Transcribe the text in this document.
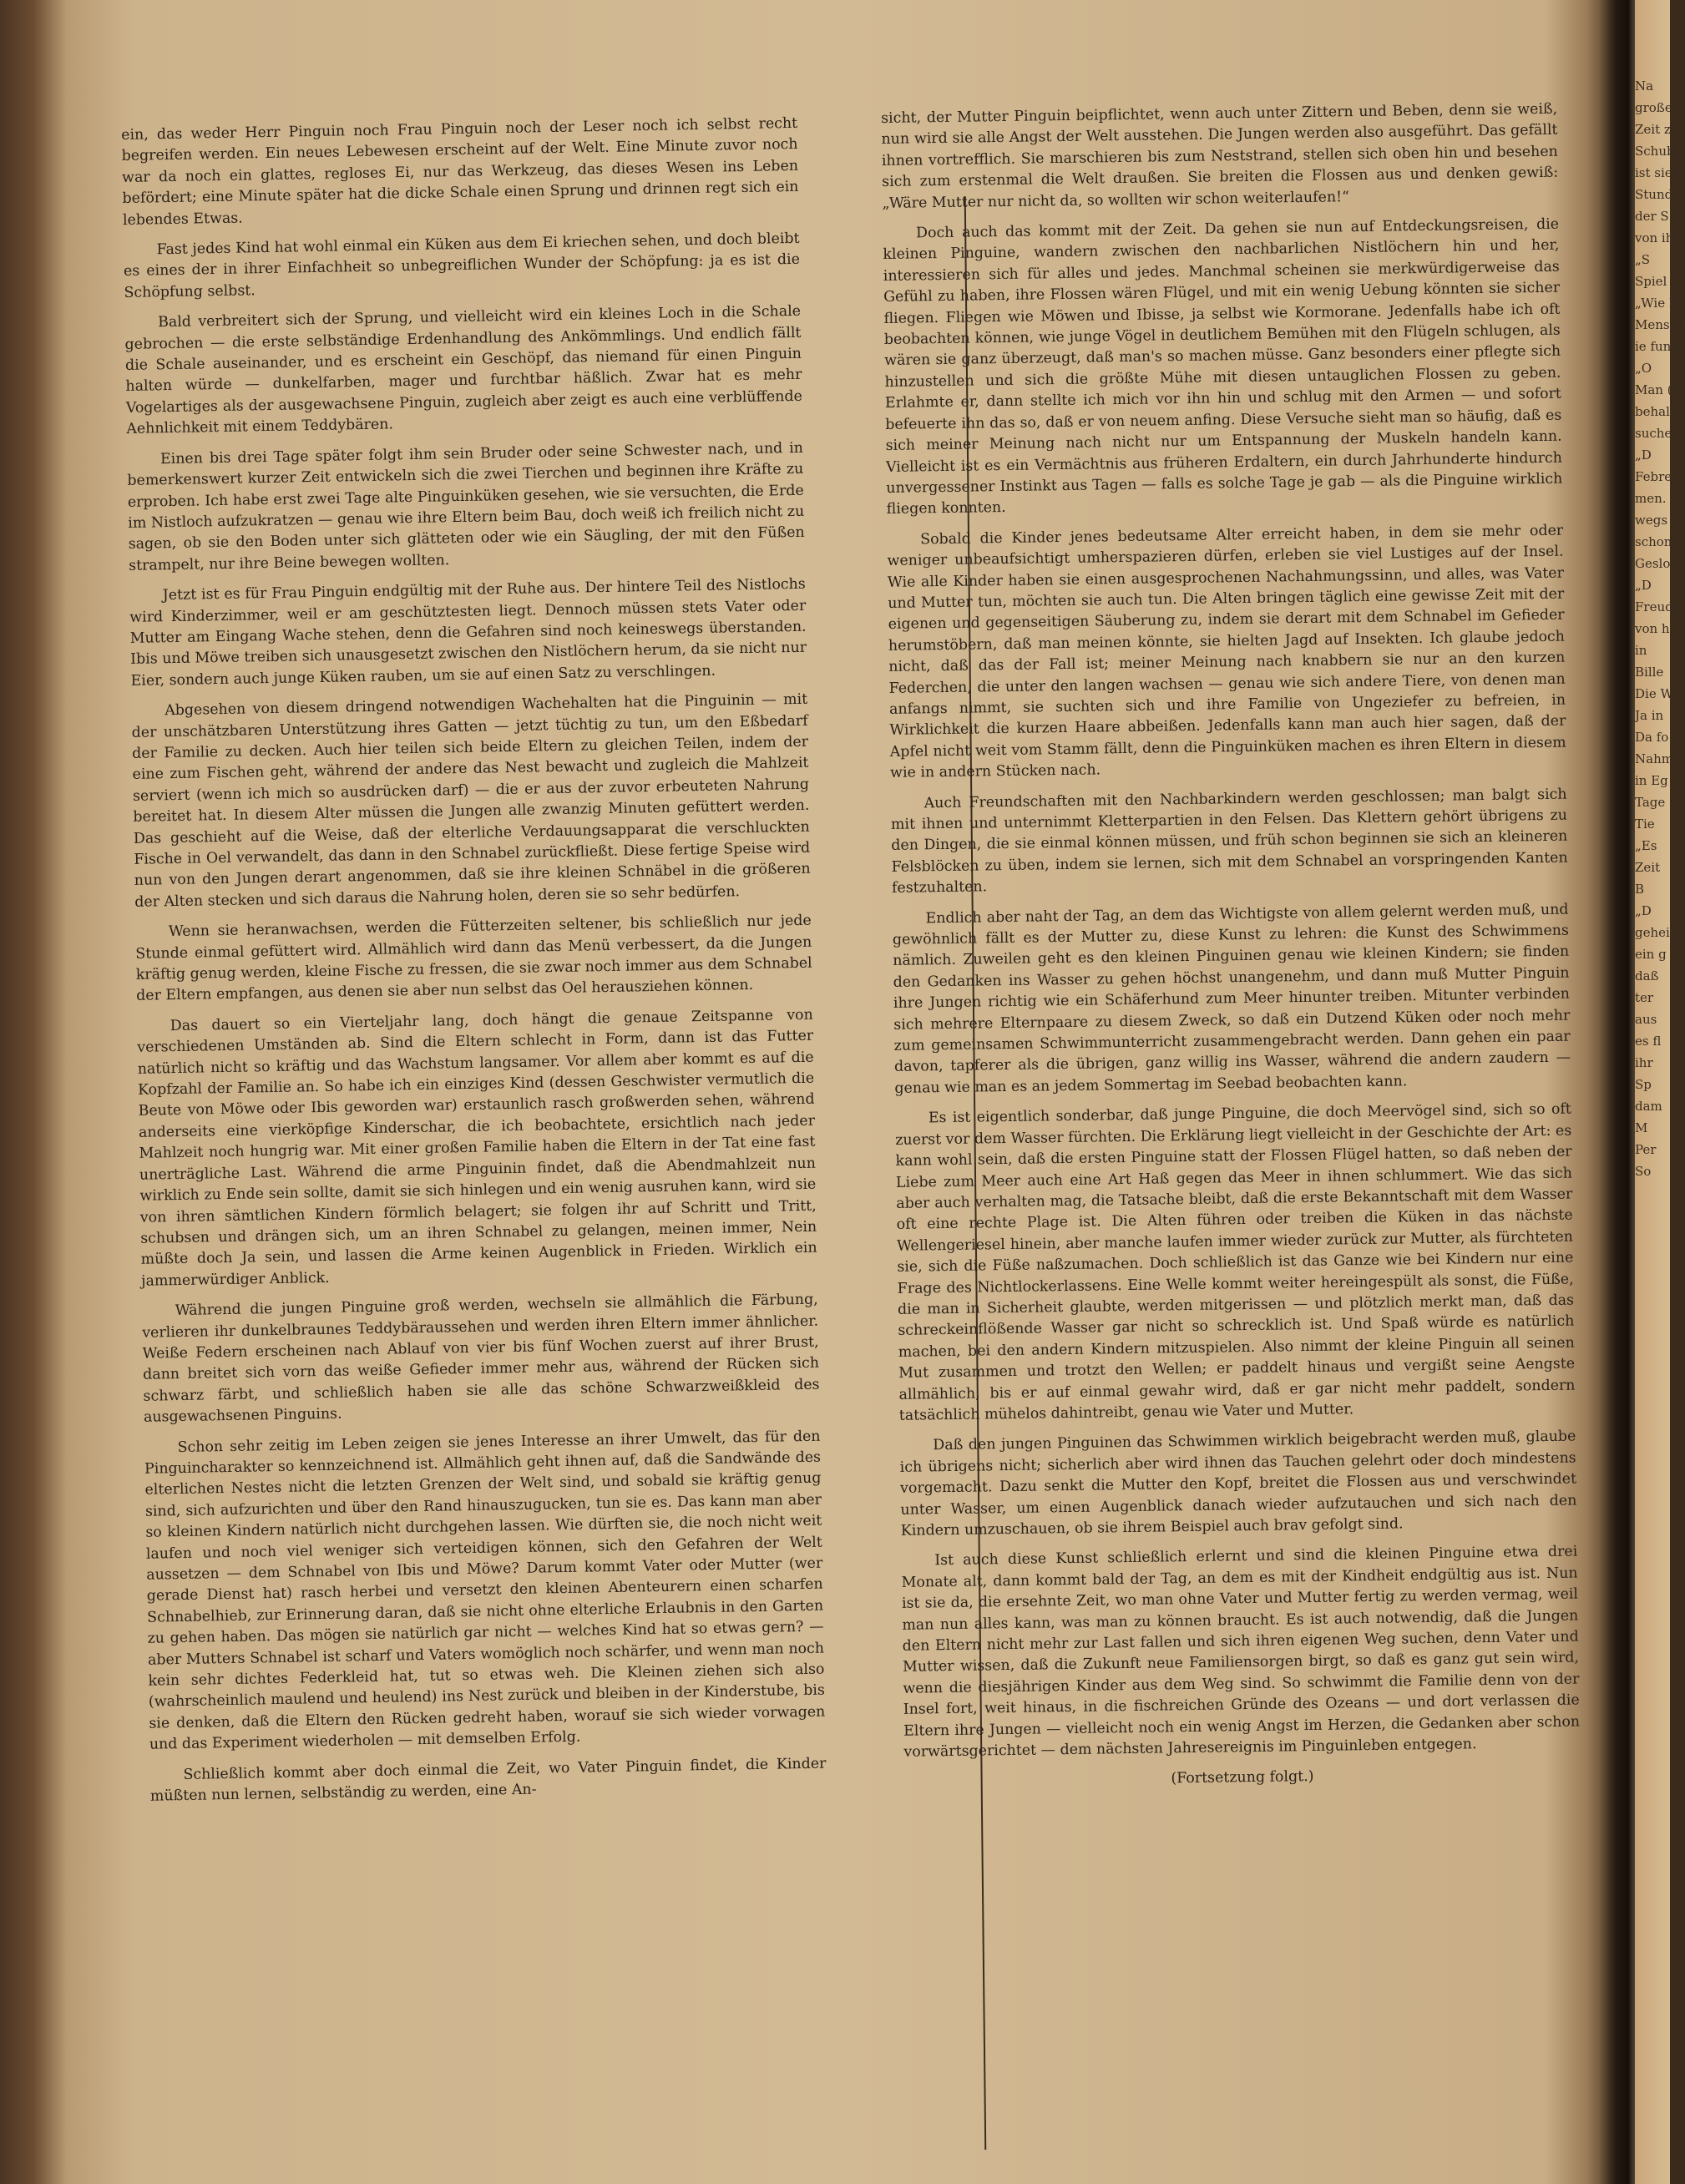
ein, das weder Herr Pinguin noch Frau Pinguin noch der Leser noch ich selbst recht begreifen werden. Ein neues Lebewesen erscheint auf der Welt. Eine Minute zuvor noch war da noch ein glattes, regloses Ei, nur das Werkzeug, das dieses Wesen ins Leben befördert; eine Minute später hat die dicke Schale einen Sprung und drinnen regt sich ein lebendes Etwas.

Fast jedes Kind hat wohl einmal ein Küken aus dem Ei kriechen sehen, und doch bleibt es eines der in ihrer Einfachheit so unbegreiflichen Wunder der Schöpfung: ja es ist die Schöpfung selbst.

Bald verbreitert sich der Sprung, und vielleicht wird ein kleines Loch in die Schale gebrochen — die erste selbständige Erdenhandlung des Ankömmlings. Und endlich fällt die Schale auseinander, und es erscheint ein Geschöpf, das niemand für einen Pinguin halten würde — dunkelfarben, mager und furchtbar häßlich. Zwar hat es mehr Vogelartiges als der ausgewachsene Pinguin, zugleich aber zeigt es auch eine verblüffende Aehnlichkeit mit einem Teddybären.

Einen bis drei Tage später folgt ihm sein Bruder oder seine Schwester nach, und in bemerkenswert kurzer Zeit entwickeln sich die zwei Tierchen und beginnen ihre Kräfte zu erproben. Ich habe erst zwei Tage alte Pinguinküken gesehen, wie sie versuchten, die Erde im Nistloch aufzukratzen — genau wie ihre Eltern beim Bau, doch weiß ich freilich nicht zu sagen, ob sie den Boden unter sich glätteten oder wie ein Säugling, der mit den Füßen strampelt, nur ihre Beine bewegen wollten.

Jetzt ist es für Frau Pinguin endgültig mit der Ruhe aus. Der hintere Teil des Nistlochs wird Kinderzimmer, weil er am geschütztesten liegt. Dennoch müssen stets Vater oder Mutter am Eingang Wache stehen, denn die Gefahren sind noch keineswegs überstanden. Ibis und Möwe treiben sich unausgesetzt zwischen den Nistlöchern herum, da sie nicht nur Eier, sondern auch junge Küken rauben, um sie auf einen Satz zu verschlingen.

Abgesehen von diesem dringend notwendigen Wachehalten hat die Pinguinin — mit der unschätzbaren Unterstützung ihres Gatten — jetzt tüchtig zu tun, um den Eßbedarf der Familie zu decken. Auch hier teilen sich beide Eltern zu gleichen Teilen, indem der eine zum Fischen geht, während der andere das Nest bewacht und zugleich die Mahlzeit serviert (wenn ich mich so ausdrücken darf) — die er aus der zuvor erbeuteten Nahrung bereitet hat. In diesem Alter müssen die Jungen alle zwanzig Minuten gefüttert werden. Das geschieht auf die Weise, daß der elterliche Verdauungsapparat die verschluckten Fische in Oel verwandelt, das dann in den Schnabel zurückfließt. Diese fertige Speise wird nun von den Jungen derart angenommen, daß sie ihre kleinen Schnäbel in die größeren der Alten stecken und sich daraus die Nahrung holen, deren sie so sehr bedürfen.

Wenn sie heranwachsen, werden die Fütterzeiten seltener, bis schließlich nur jede Stunde einmal gefüttert wird. Allmählich wird dann das Menü verbessert, da die Jungen kräftig genug werden, kleine Fische zu fressen, die sie zwar noch immer aus dem Schnabel der Eltern empfangen, aus denen sie aber nun selbst das Oel herausziehen können.

Das dauert so ein Vierteljahr lang, doch hängt die genaue Zeitspanne von verschiedenen Umständen ab. Sind die Eltern schlecht in Form, dann ist das Futter natürlich nicht so kräftig und das Wachstum langsamer. Vor allem aber kommt es auf die Kopfzahl der Familie an. So habe ich ein einziges Kind (dessen Geschwister vermutlich die Beute von Möwe oder Ibis geworden war) erstaunlich rasch großwerden sehen, während anderseits eine vierköpfige Kinderschar, die ich beobachtete, ersichtlich nach jeder Mahlzeit noch hungrig war. Mit einer großen Familie haben die Eltern in der Tat eine fast unerträgliche Last. Während die arme Pinguinin findet, daß die Abendmahlzeit nun wirklich zu Ende sein sollte, damit sie sich hinlegen und ein wenig ausruhen kann, wird sie von ihren sämtlichen Kindern förmlich belagert; sie folgen ihr auf Schritt und Tritt, schubsen und drängen sich, um an ihren Schnabel zu gelangen, meinen immer, Nein müßte doch Ja sein, und lassen die Arme keinen Augenblick in Frieden. Wirklich ein jammerwürdiger Anblick.

Während die jungen Pinguine groß werden, wechseln sie allmählich die Färbung, verlieren ihr dunkelbraunes Teddybäraussehen und werden ihren Eltern immer ähnlicher. Weiße Federn erscheinen nach Ablauf von vier bis fünf Wochen zuerst auf ihrer Brust, dann breitet sich vorn das weiße Gefieder immer mehr aus, während der Rücken sich schwarz färbt, und schließlich haben sie alle das schöne Schwarzweißkleid des ausgewachsenen Pinguins.

Schon sehr zeitig im Leben zeigen sie jenes Interesse an ihrer Umwelt, das für den Pinguincharakter so kennzeichnend ist. Allmählich geht ihnen auf, daß die Sandwände des elterlichen Nestes nicht die letzten Grenzen der Welt sind, und sobald sie kräftig genug sind, sich aufzurichten und über den Rand hinauszugucken, tun sie es. Das kann man aber so kleinen Kindern natürlich nicht durchgehen lassen. Wie dürften sie, die noch nicht weit laufen und noch viel weniger sich verteidigen können, sich den Gefahren der Welt aussetzen — dem Schnabel von Ibis und Möwe? Darum kommt Vater oder Mutter (wer gerade Dienst hat) rasch herbei und versetzt den kleinen Abenteurern einen scharfen Schnabelhieb, zur Erinnerung daran, daß sie nicht ohne elterliche Erlaubnis in den Garten zu gehen haben. Das mögen sie natürlich gar nicht — welches Kind hat so etwas gern? — aber Mutters Schnabel ist scharf und Vaters womöglich noch schärfer, und wenn man noch kein sehr dichtes Federkleid hat, tut so etwas weh. Die Kleinen ziehen sich also (wahrscheinlich maulend und heulend) ins Nest zurück und bleiben in der Kinderstube, bis sie denken, daß die Eltern den Rücken gedreht haben, worauf sie sich wieder vorwagen und das Experiment wiederholen — mit demselben Erfolg.

Schließlich kommt aber doch einmal die Zeit, wo Vater Pinguin findet, die Kinder müßten nun lernen, selbständig zu werden, eine An-

sicht, der Mutter Pinguin beipflichtet, wenn auch unter Zittern und Beben, denn sie weiß, nun wird sie alle Angst der Welt ausstehen. Die Jungen werden also ausgeführt. Das gefällt ihnen vortrefflich. Sie marschieren bis zum Neststrand, stellen sich oben hin und besehen sich zum erstenmal die Welt draußen. Sie breiten die Flossen aus und denken gewiß: „Wäre Mutter nur nicht da, so wollten wir schon weiterlaufen!“

Doch auch das kommt mit der Zeit. Da gehen sie nun auf Entdeckungsreisen, die kleinen Pinguine, wandern zwischen den nachbarlichen Nistlöchern hin und her, interessieren sich für alles und jedes. Manchmal scheinen sie merkwürdigerweise das Gefühl zu haben, ihre Flossen wären Flügel, und mit ein wenig Uebung könnten sie sicher fliegen. Fliegen wie Möwen und Ibisse, ja selbst wie Kormorane. Jedenfalls habe ich oft beobachten können, wie junge Vögel in deutlichem Bemühen mit den Flügeln schlugen, als wären sie ganz überzeugt, daß man's so machen müsse. Ganz besonders einer pflegte sich hinzustellen und sich die größte Mühe mit diesen untauglichen Flossen zu geben. Erlahmte er, dann stellte ich mich vor ihn hin und schlug mit den Armen — und sofort befeuerte ihn das so, daß er von neuem anfing. Diese Versuche sieht man so häufig, daß es sich meiner Meinung nach nicht nur um Entspannung der Muskeln handeln kann. Vielleicht ist es ein Vermächtnis aus früheren Erdaltern, ein durch Jahrhunderte hindurch unvergessener Instinkt aus Tagen — falls es solche Tage je gab — als die Pinguine wirklich fliegen konnten.

Sobald die Kinder jenes bedeutsame Alter erreicht haben, in dem sie mehr oder weniger unbeaufsichtigt umherspazieren dürfen, erleben sie viel Lustiges auf der Insel. Wie alle Kinder haben sie einen ausgesprochenen Nachahmungssinn, und alles, was Vater und Mutter tun, möchten sie auch tun. Die Alten bringen täglich eine gewisse Zeit mit der eigenen und gegenseitigen Säuberung zu, indem sie derart mit dem Schnabel im Gefieder herumstöbern, daß man meinen könnte, sie hielten Jagd auf Insekten. Ich glaube jedoch nicht, daß das der Fall ist; meiner Meinung nach knabbern sie nur an den kurzen Federchen, die unter den langen wachsen — genau wie sich andere Tiere, von denen man anfangs nimmt, sie suchten sich und ihre Familie von Ungeziefer zu befreien, in Wirklichkeit die kurzen Haare abbeißen. Jedenfalls kann man auch hier sagen, daß der Apfel nicht weit vom Stamm fällt, denn die Pinguinküken machen es ihren Eltern in diesem wie in andern Stücken nach.

Auch Freundschaften mit den Nachbarkindern werden geschlossen; man balgt sich mit ihnen und unternimmt Kletterpartien in den Felsen. Das Klettern gehört übrigens zu den Dingen, die sie einmal können müssen, und früh schon beginnen sie sich an kleineren Felsblöcken zu üben, indem sie lernen, sich mit dem Schnabel an vorspringenden Kanten festzuhalten.

Endlich aber naht der Tag, an dem das Wichtigste von allem gelernt werden muß, und gewöhnlich fällt es der Mutter zu, diese Kunst zu lehren: die Kunst des Schwimmens nämlich. Zuweilen geht es den kleinen Pinguinen genau wie kleinen Kindern; sie finden den Gedanken ins Wasser zu gehen höchst unangenehm, und dann muß Mutter Pinguin ihre Jungen richtig wie ein Schäferhund zum Meer hinunter treiben. Mitunter verbinden sich mehrere Elternpaare zu diesem Zweck, so daß ein Dutzend Küken oder noch mehr zum gemeinsamen Schwimmunterricht zusammengebracht werden. Dann gehen ein paar davon, tapferer als die übrigen, ganz willig ins Wasser, während die andern zaudern — genau wie man es an jedem Sommertag im Seebad beobachten kann.

Es ist eigentlich sonderbar, daß junge Pinguine, die doch Meervögel sind, sich so oft zuerst vor dem Wasser fürchten. Die Erklärung liegt vielleicht in der Geschichte der Art: es kann wohl sein, daß die ersten Pinguine statt der Flossen Flügel hatten, so daß neben der Liebe zum Meer auch eine Art Haß gegen das Meer in ihnen schlummert. Wie das sich aber auch verhalten mag, die Tatsache bleibt, daß die erste Bekanntschaft mit dem Wasser oft eine rechte Plage ist. Die Alten führen oder treiben die Küken in das nächste Wellengeriesel hinein, aber manche laufen immer wieder zurück zur Mutter, als fürchteten sie, sich die Füße naßzumachen. Doch schließlich ist das Ganze wie bei Kindern nur eine Frage des Nichtlockerlassens. Eine Welle kommt weiter hereingespült als sonst, die Füße, die man in Sicherheit glaubte, werden mitgerissen — und plötzlich merkt man, daß das schreckeinflößende Wasser gar nicht so schrecklich ist. Und Spaß würde es natürlich machen, bei den andern Kindern mitzuspielen. Also nimmt der kleine Pinguin all seinen Mut zusammen und trotzt den Wellen; er paddelt hinaus und vergißt seine Aengste allmählich, bis er auf einmal gewahr wird, daß er gar nicht mehr paddelt, sondern tatsächlich mühelos dahintreibt, genau wie Vater und Mutter.

Daß den jungen Pinguinen das Schwimmen wirklich beigebracht werden muß, glaube ich übrigens nicht; sicherlich aber wird ihnen das Tauchen gelehrt oder doch mindestens vorgemacht. Dazu senkt die Mutter den Kopf, breitet die Flossen aus und verschwindet unter Wasser, um einen Augenblick danach wieder aufzutauchen und sich nach den Kindern umzuschauen, ob sie ihrem Beispiel auch brav gefolgt sind.

Ist auch diese Kunst schließlich erlernt und sind die kleinen Pinguine etwa drei Monate alt, dann kommt bald der Tag, an dem es mit der Kindheit endgültig aus ist. Nun ist sie da, die ersehnte Zeit, wo man ohne Vater und Mutter fertig zu werden vermag, weil man nun alles kann, was man zu können braucht. Es ist auch notwendig, daß die Jungen den Eltern nicht mehr zur Last fallen und sich ihren eigenen Weg suchen, denn Vater und Mutter wissen, daß die Zukunft neue Familiensorgen birgt, so daß es ganz gut sein wird, wenn die diesjährigen Kinder aus dem Weg sind. So schwimmt die Familie denn von der Insel fort, weit hinaus, in die fischreichen Gründe des Ozeans — und dort verlassen die Eltern ihre Jungen — vielleicht noch ein wenig Angst im Herzen, die Gedanken aber schon vorwärtsgerichtet — dem nächsten Jahresereignis im Pinguinleben entgegen.

(Fortsetzung folgt.)
Na
große
Zeit zu
Schube
ist sie
Stunde
der S
von ih
„S
Spiel
„Wie K
Mensch
ie fun
„O
Man (
behalt
sucher
„D
Febre
men.
wegs
schon
Geslo
„D
Freude
von h
in
Bille
Die W
Ja in
Da fo
Nahm
in Eg
Tage
Tie
„Es
Zeit
B
„D
geheim
ein g
daß
ter
aus
es fl
ihr
Sp
dam
M
Per
So
